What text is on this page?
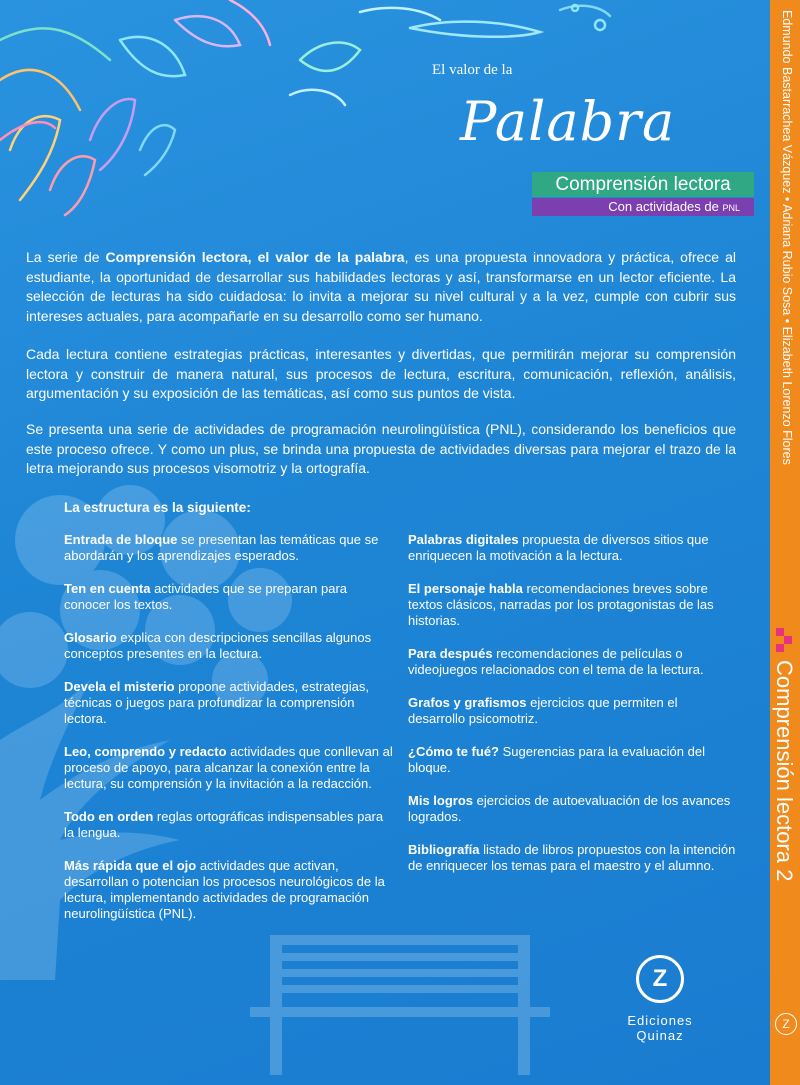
El valor de la
Palabra
Comprensión lectora
Con actividades de PNL

La serie de Comprensión lectora, el valor de la palabra, es una propuesta innovadora y práctica, ofrece al estudiante, la oportunidad de desarrollar sus habilidades lectoras y así, transformarse en un lector eficiente. La selección de lecturas ha sido cuidadosa: lo invita a mejorar su nivel cultural y a la vez, cumple con cubrir sus intereses actuales, para acompañarle en su desarrollo como ser humano.

Cada lectura contiene estrategias prácticas, interesantes y divertidas, que permitirán mejorar su comprensión lectora y construir de manera natural, sus procesos de lectura, escritura, comunicación, reflexión, análisis, argumentación y su exposición de las temáticas, así como sus puntos de vista.

Se presenta una serie de actividades de programación neurolingüística (PNL), considerando los beneficios que este proceso ofrece. Y como un plus, se brinda una propuesta de actividades diversas para mejorar el trazo de la letra mejorando sus procesos visomotriz y la ortografía.

La estructura es la siguiente:
Entrada de bloque se presentan las temáticas que se abordarán y los aprendizajes esperados.
Ten en cuenta actividades que se preparan para conocer los textos.
Glosario explica con descripciones sencillas algunos conceptos presentes en la lectura.
Devela el misterio propone actividades, estrategias, técnicas o juegos para profundizar la comprensión lectora.
Leo, comprendo y redacto actividades que conllevan al proceso de apoyo, para alcanzar la conexión entre la lectura, su comprensión y la invitación a la redacción.
Todo en orden reglas ortográficas indispensables para la lengua.
Más rápida que el ojo actividades que activan, desarrollan o potencian los procesos neurológicos de la lectura, implementando actividades de programación neurolingüística (PNL).
Palabras digitales propuesta de diversos sitios que enriquecen la motivación a la lectura.
El personaje habla recomendaciones breves sobre textos clásicos, narradas por los protagonistas de las historias.
Para después recomendaciones de películas o videojuegos relacionados con el tema de la lectura.
Grafos y grafismos ejercicios que permiten el desarrollo psicomotriz.
¿Cómo te fué? Sugerencias para la evaluación del bloque.
Mis logros ejercicios de autoevaluación de los avances logrados.
Bibliografía listado de libros propuestos con la intención de enriquecer los temas para el maestro y el alumno.
Z
Ediciones Quinaz
Edmundo Bastarrachea Vázquez • Adriana Rubio Sosa • Elizabeth Lorenzo Flores
Comprensión lectora 2
Z
